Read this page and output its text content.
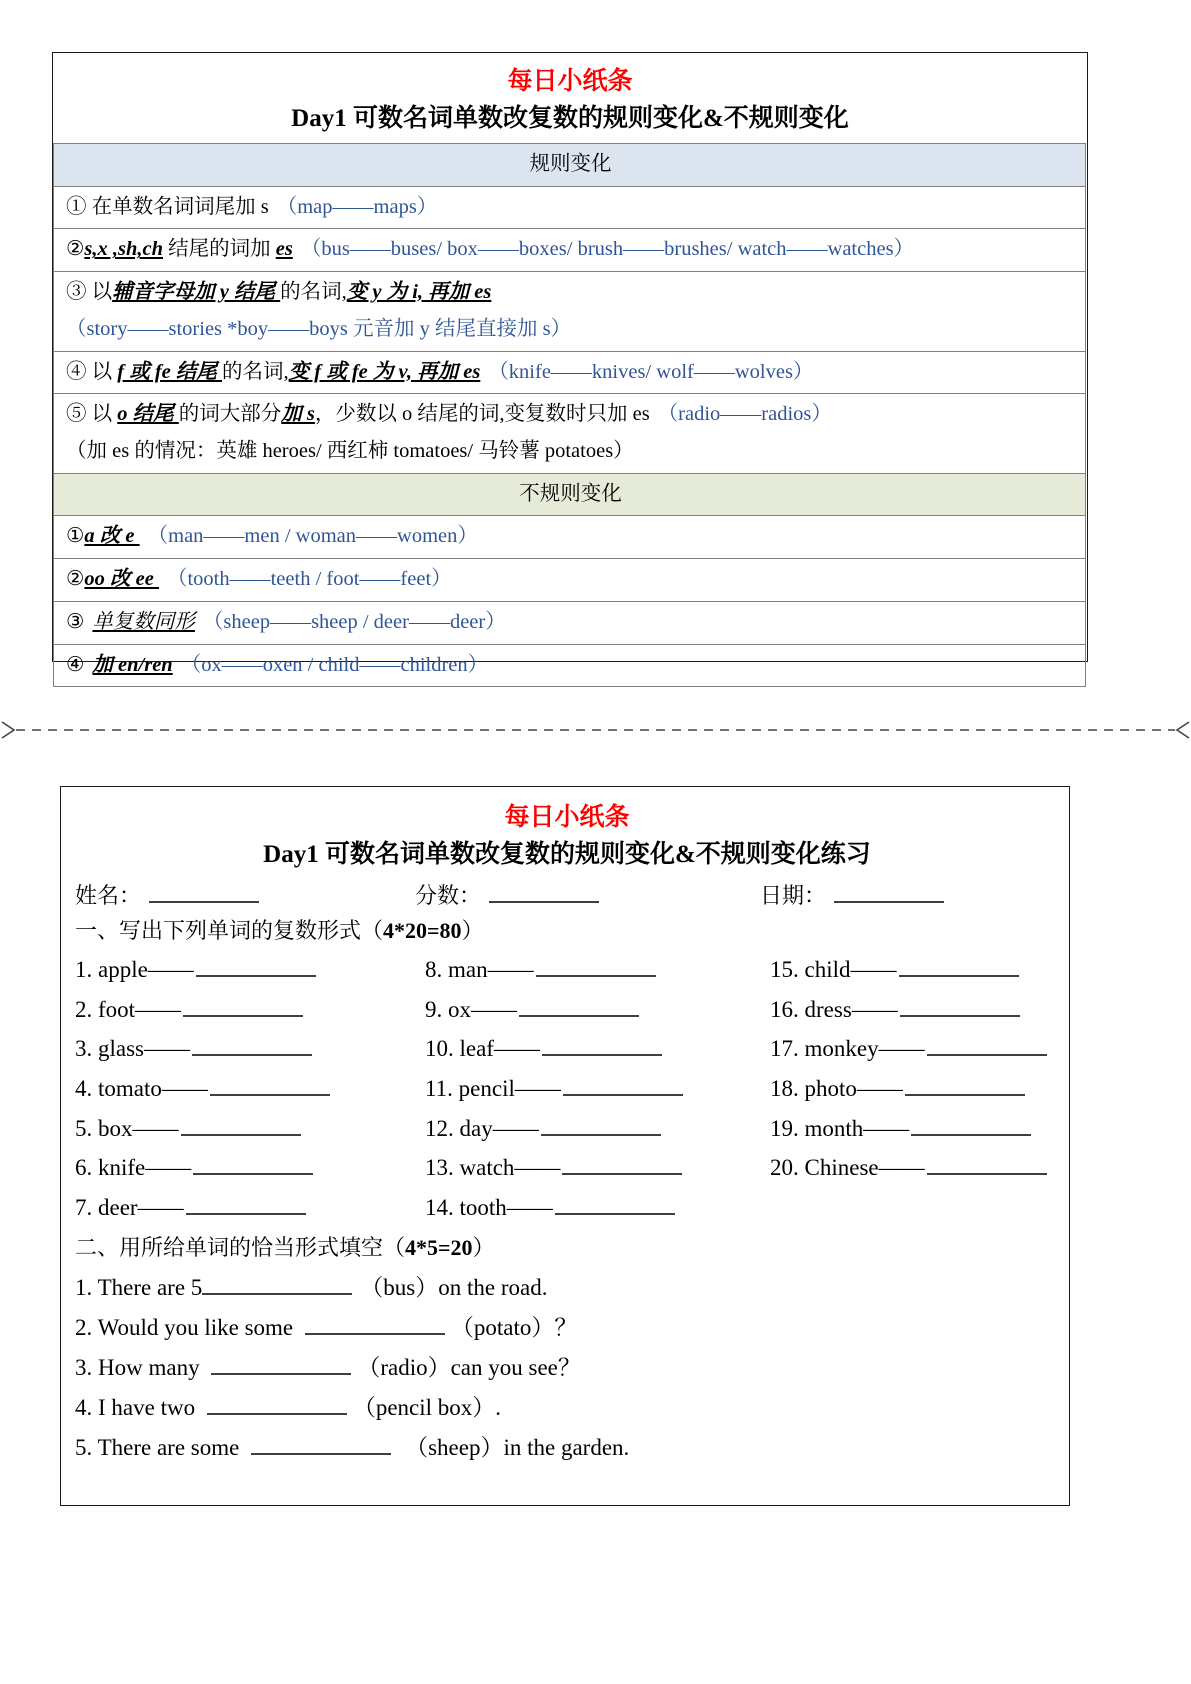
每日小纸条
Day1 可数名词单数改复数的规则变化&不规则变化
规则变化
① 在单数名词词尾加 s （map——maps）
②s,x ,sh,ch 结尾的词加 es （bus——buses/ box——boxes/ brush——brushes/ watch——watches）
③ 以辅音字母加 y 结尾 的名词,变 y 为 i, 再加 es
（story——stories *boy——boys 元音加 y 结尾直接加 s）

④ 以 f 或 fe 结尾 的名词,变 f 或 fe 为 v, 再加 es （knife——knives/ wolf——wolves）
⑤ 以 o 结尾 的词大部分加 s，少数以 o 结尾的词,变复数时只加 es （radio——radios）
（加 es 的情况：英雄 heroes/ 西红柿 tomatoes/ 马铃薯 potatoes）

不规则变化
①a 改 e （man——men / woman——women）
②oo 改 ee （tooth——teeth / foot——feet）
③ 单复数同形 （sheep——sheep / deer——deer）
④ 加 en/ren （ox——oxen / child——children）
每日小纸条
Day1 可数名词单数改复数的规则变化&不规则变化练习
姓名：	分数：	日期：
一、写出下列单词的复数形式（4*20=80）
1. apple——	8. man——	15. child——
2. foot——	9. ox——	16. dress——
3. glass——	10. leaf——	17. monkey——
4. tomato——	11. pencil——	18. photo——
5. box——	12. day——	19. month——
6. knife——	13. watch——	20. Chinese——
7. deer——	14. tooth——
二、用所给单词的恰当形式填空（4*5=20）
1. There are 5	（bus）on the road.
2. Would you like some	（potato）？
3. How many	（radio）can you see？
4. I have two	（pencil box）.
5. There are some	（sheep）in the garden.
